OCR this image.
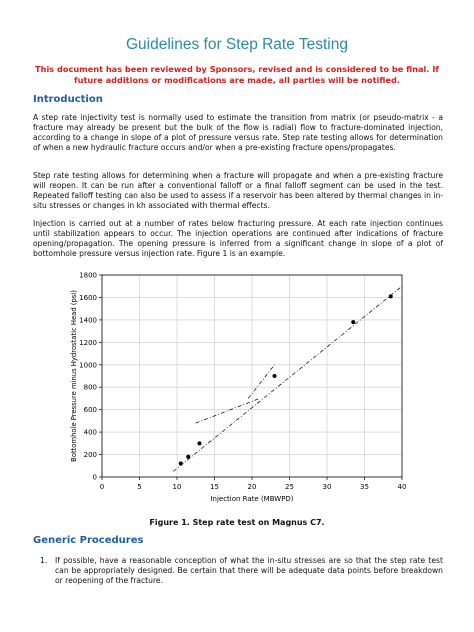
Guidelines for Step Rate Testing
This document has been reviewed by Sponsors, revised and is considered to be final. If future additions or modifications are made, all parties will be notified.
Introduction
A step rate injectivity test is normally used to estimate the transition from matrix (or pseudo-matrix - a fracture may already be present but the bulk of the flow is radial) flow to fracture-dominated injection, according to a change in slope of a plot of pressure versus rate. Step rate testing allows for determination of when a new hydraulic fracture occurs and/or when a pre-existing fracture opens/propagates.
Step rate testing allows for determining when a fracture will propagate and when a pre-existing fracture will reopen. It can be run after a conventional falloff or a final falloff segment can be used in the test. Repeated falloff testing can also be used to assess if a reservoir has been altered by thermal changes in in-situ stresses or changes in kh associated with thermal effects.
Injection is carried out at a number of rates below fracturing pressure. At each rate injection continues until stabilization appears to occur. The injection operations are continued after indications of fracture opening/propagation. The opening pressure is inferred from a significant change in slope of a plot of bottomhole pressure versus injection rate. Figure 1 is an example.
0	5	10	15	20	25	30	35	40
0
200
400
600
800
1000
1200
1400
1600
1800
Injection Rate (MBWPD)
Bottomhole Pressure minus Hydrostatic Head (psi)
Figure 1. Step rate test on Magnus C7.
Generic Procedures
1. If possible, have a reasonable conception of what the in-situ stresses are so that the step rate test can be appropriately designed. Be certain that there will be adequate data points before breakdown or reopening of the fracture.
